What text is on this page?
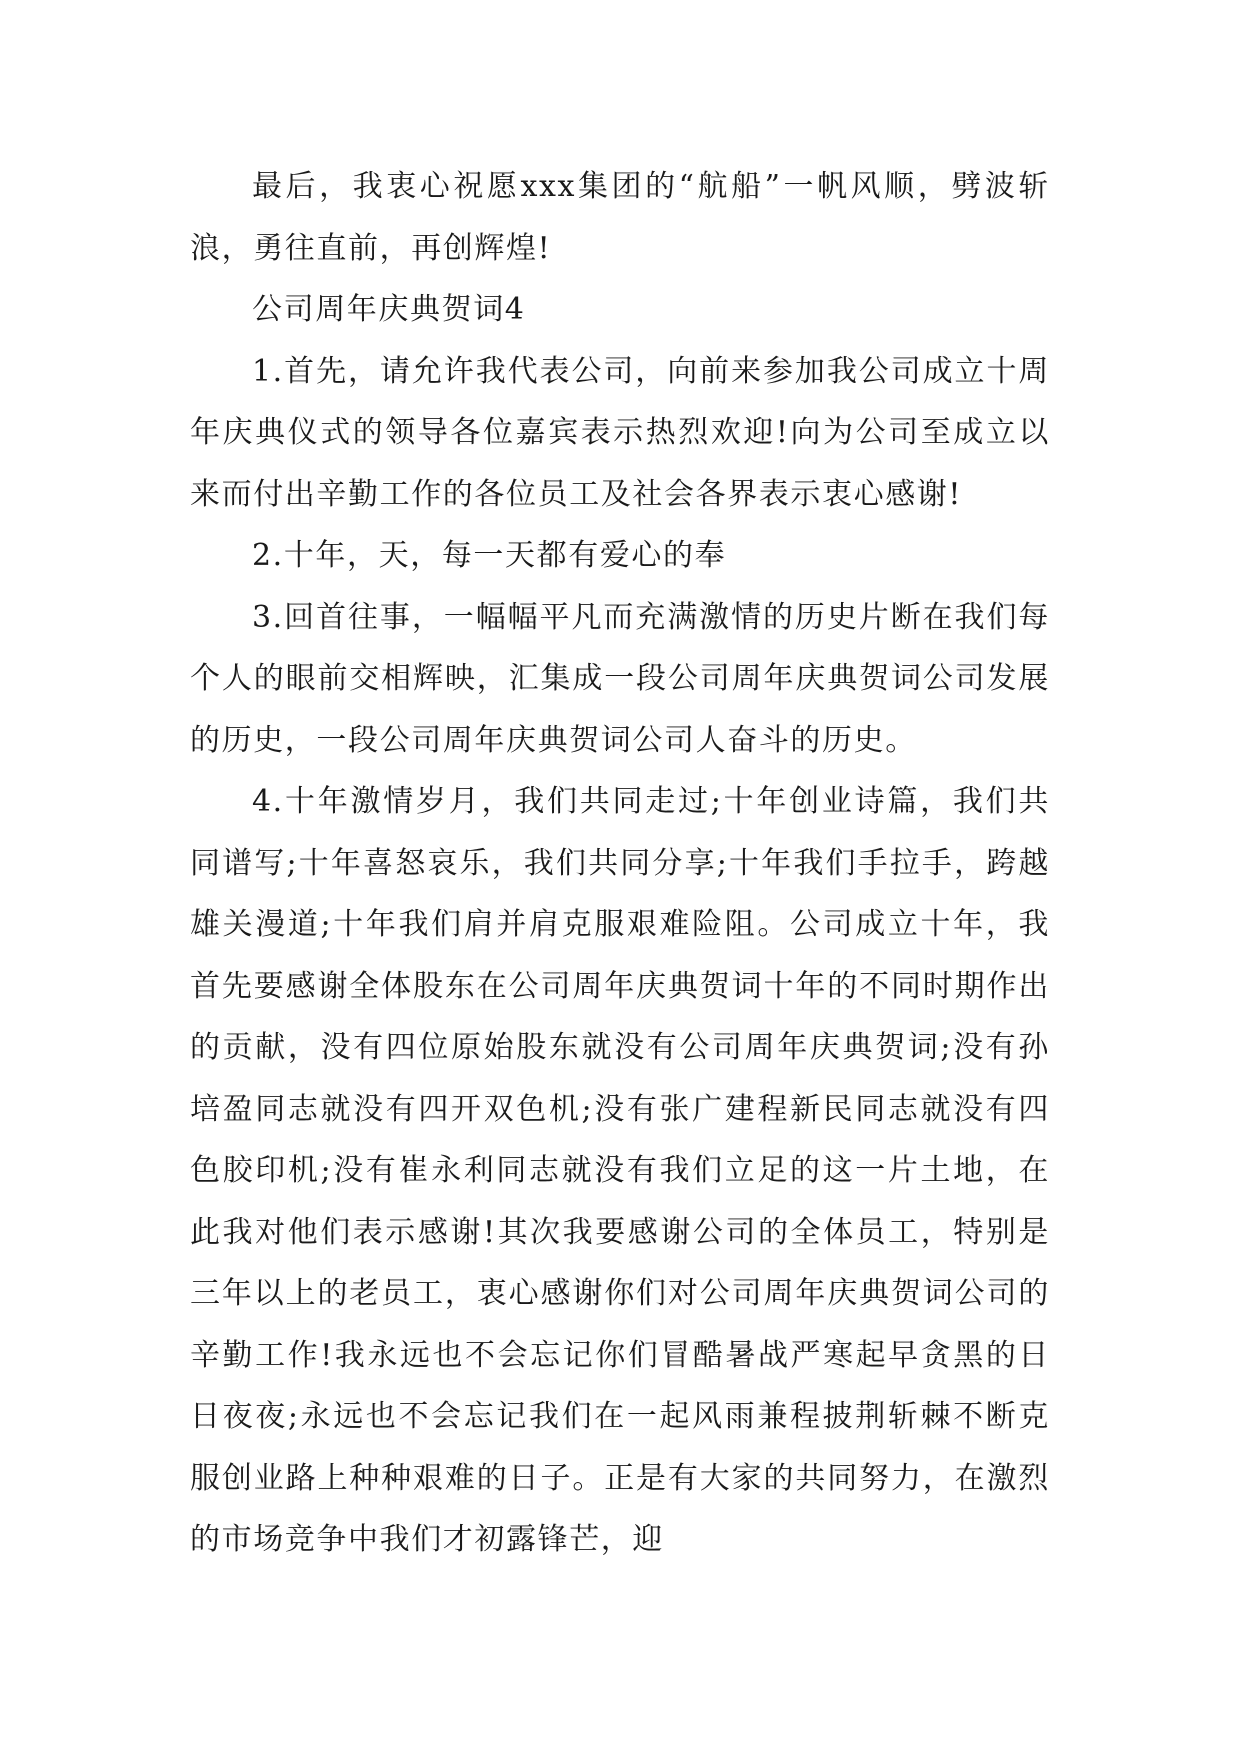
最后，我衷心祝愿xxx集团的“航船”一帆风顺，劈波斩浪，勇往直前，再创辉煌!

公司周年庆典贺词4

1.首先，请允许我代表公司，向前来参加我公司成立十周年庆典仪式的领导各位嘉宾表示热烈欢迎!向为公司至成立以来而付出辛勤工作的各位员工及社会各界表示衷心感谢!

2.十年，天，每一天都有爱心的奉

3.回首往事，一幅幅平凡而充满激情的历史片断在我们每个人的眼前交相辉映，汇集成一段公司周年庆典贺词公司发展的历史，一段公司周年庆典贺词公司人奋斗的历史。

4.十年激情岁月，我们共同走过;十年创业诗篇，我们共同谱写;十年喜怒哀乐，我们共同分享;十年我们手拉手，跨越雄关漫道;十年我们肩并肩克服艰难险阻。公司成立十年，我首先要感谢全体股东在公司周年庆典贺词十年的不同时期作出的贡献，没有四位原始股东就没有公司周年庆典贺词;没有孙培盈同志就没有四开双色机;没有张广建程新民同志就没有四色胶印机;没有崔永利同志就没有我们立足的这一片土地，在此我对他们表示感谢!其次我要感谢公司的全体员工，特别是三年以上的老员工，衷心感谢你们对公司周年庆典贺词公司的辛勤工作!我永远也不会忘记你们冒酷暑战严寒起早贪黑的日日夜夜;永远也不会忘记我们在一起风雨兼程披荆斩棘不断克服创业路上种种艰难的日子。正是有大家的共同努力，在激烈的市场竞争中我们才初露锋芒，迎
